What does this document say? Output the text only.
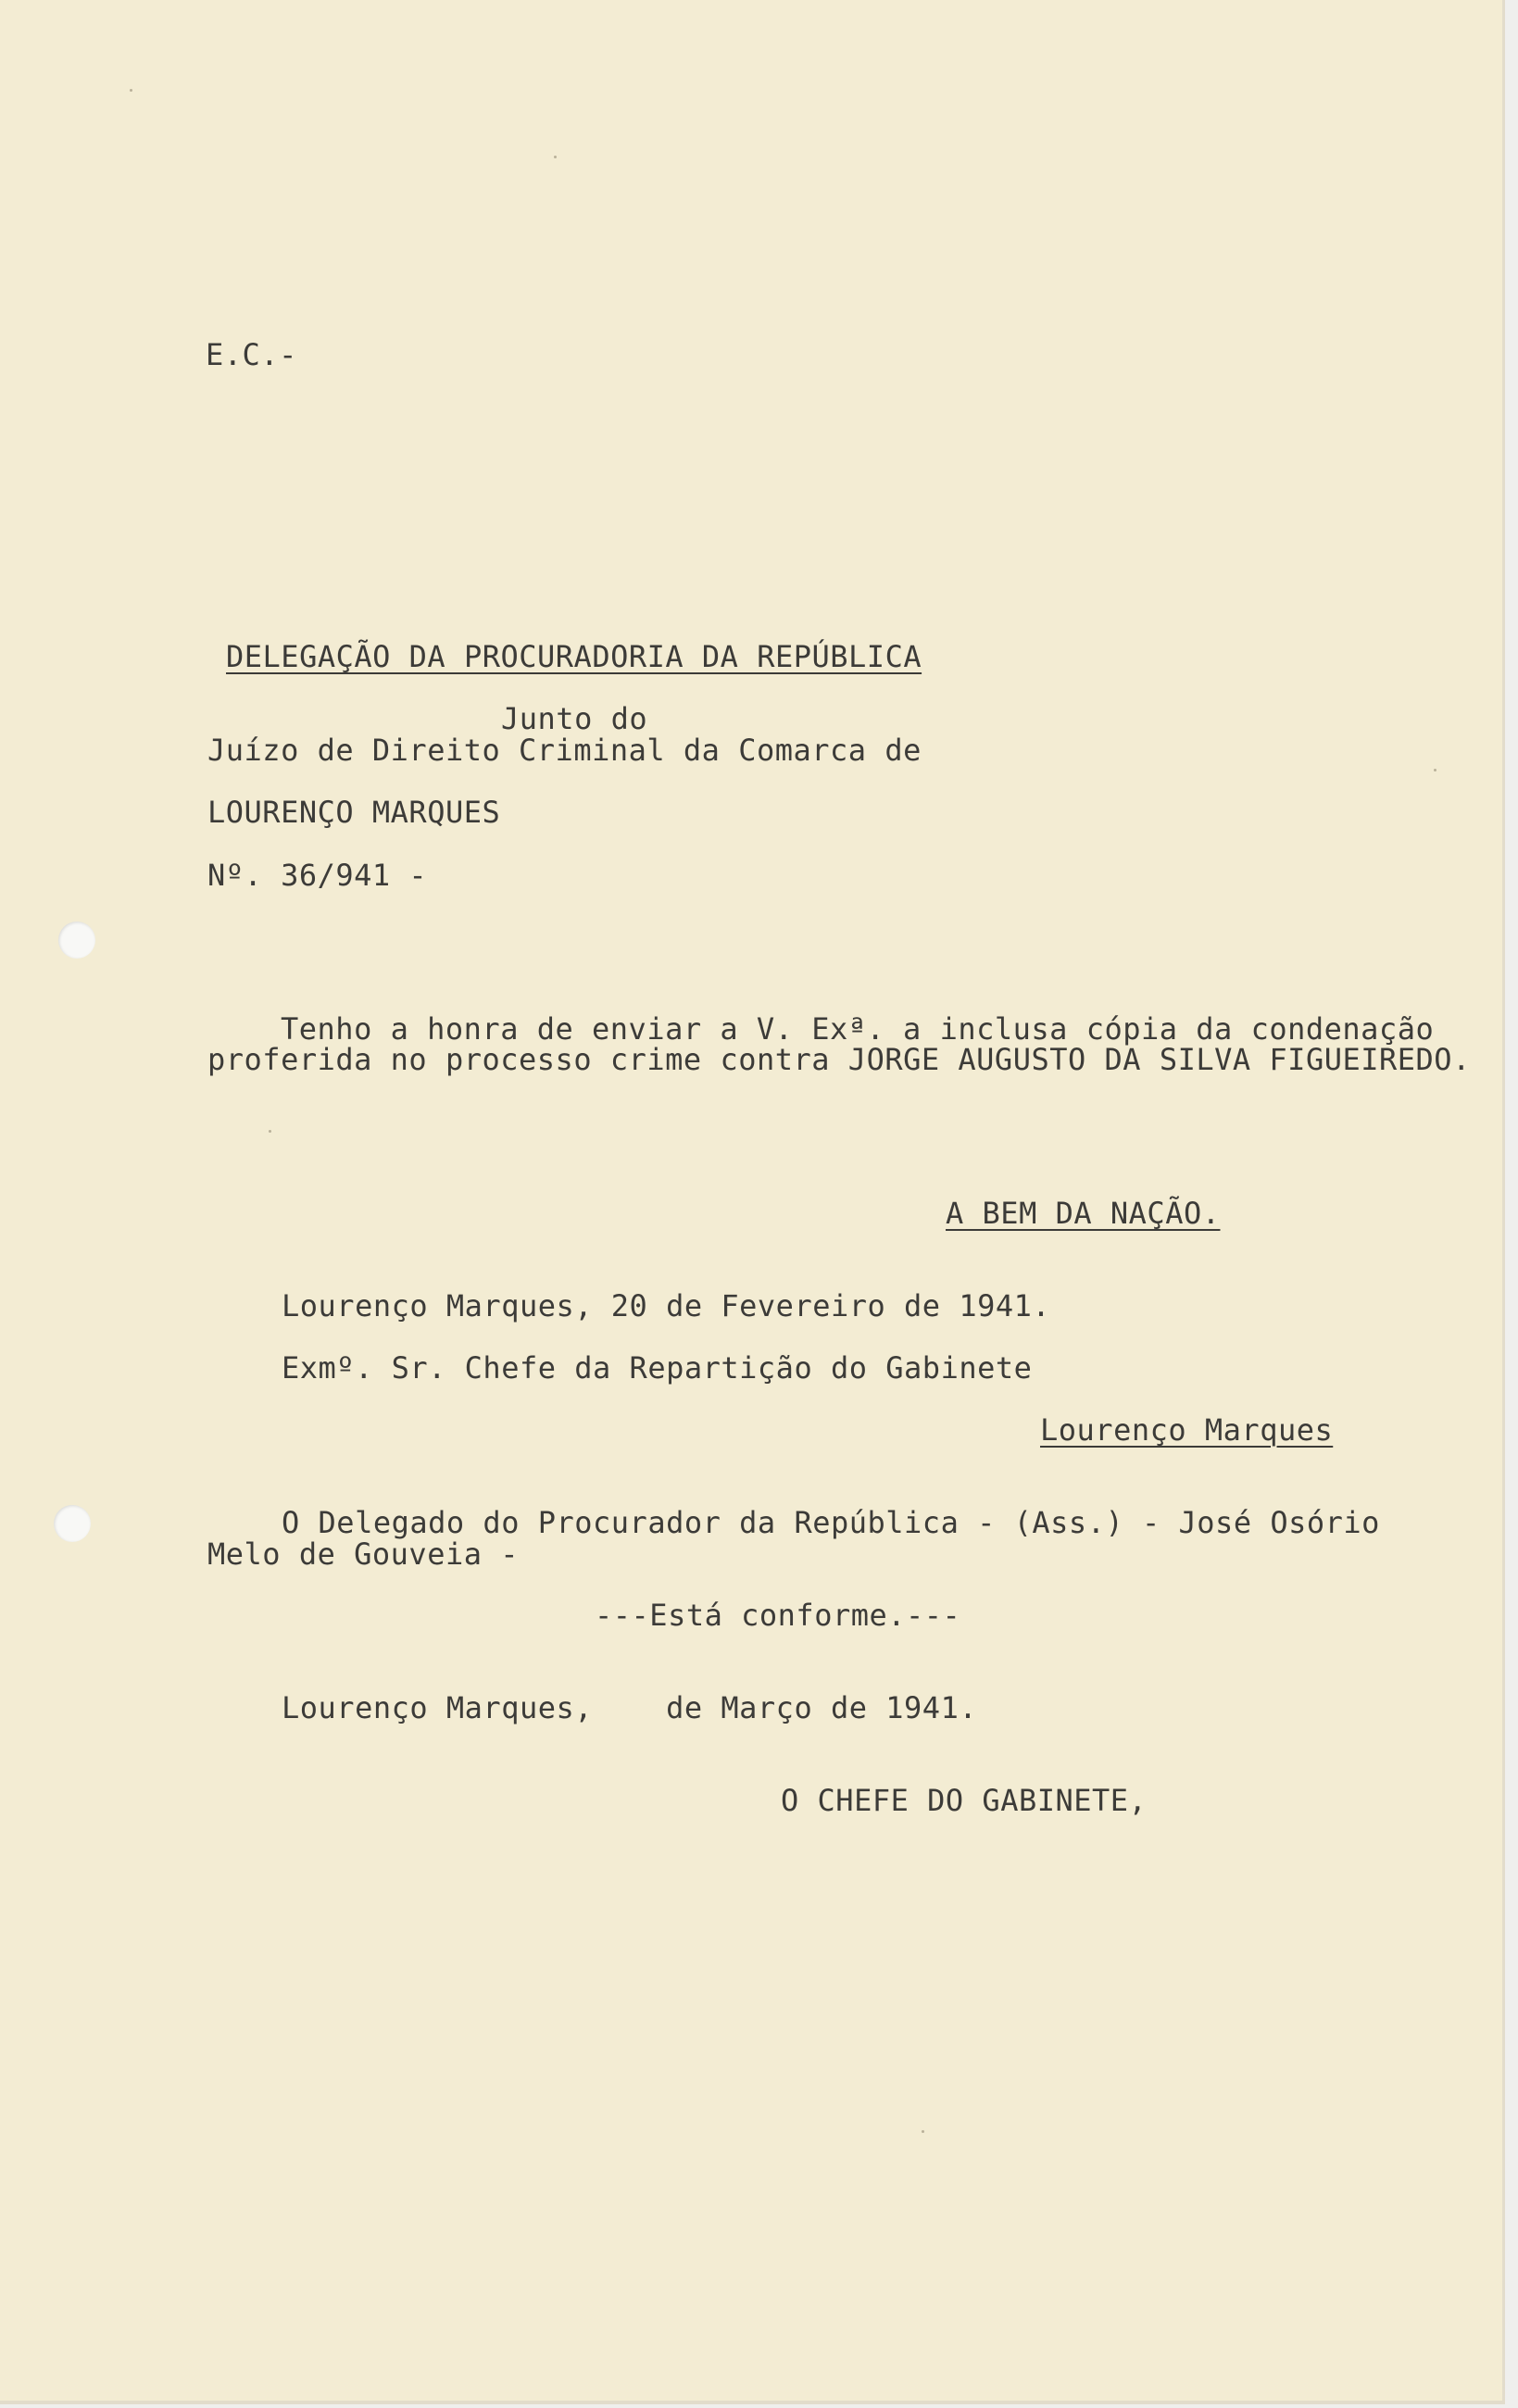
E.C.-
DELEGAÇÃO DA PROCURADORIA DA REPÚBLICA
Junto do
Juízo de Direito Criminal da Comarca de
LOURENÇO MARQUES
Nº. 36/941 -
Tenho a honra de enviar a V. Exª. a inclusa cópia da condenação
proferida no processo crime contra JORGE AUGUSTO DA SILVA FIGUEIREDO.
A BEM DA NAÇÃO.
Lourenço Marques, 20 de Fevereiro de 1941.
Exmº. Sr. Chefe da Repartição do Gabinete
Lourenço Marques
O Delegado do Procurador da República - (Ass.) - José Osório
Melo de Gouveia -
---Está conforme.---
Lourenço Marques,    de Março de 1941.
O CHEFE DO GABINETE,
